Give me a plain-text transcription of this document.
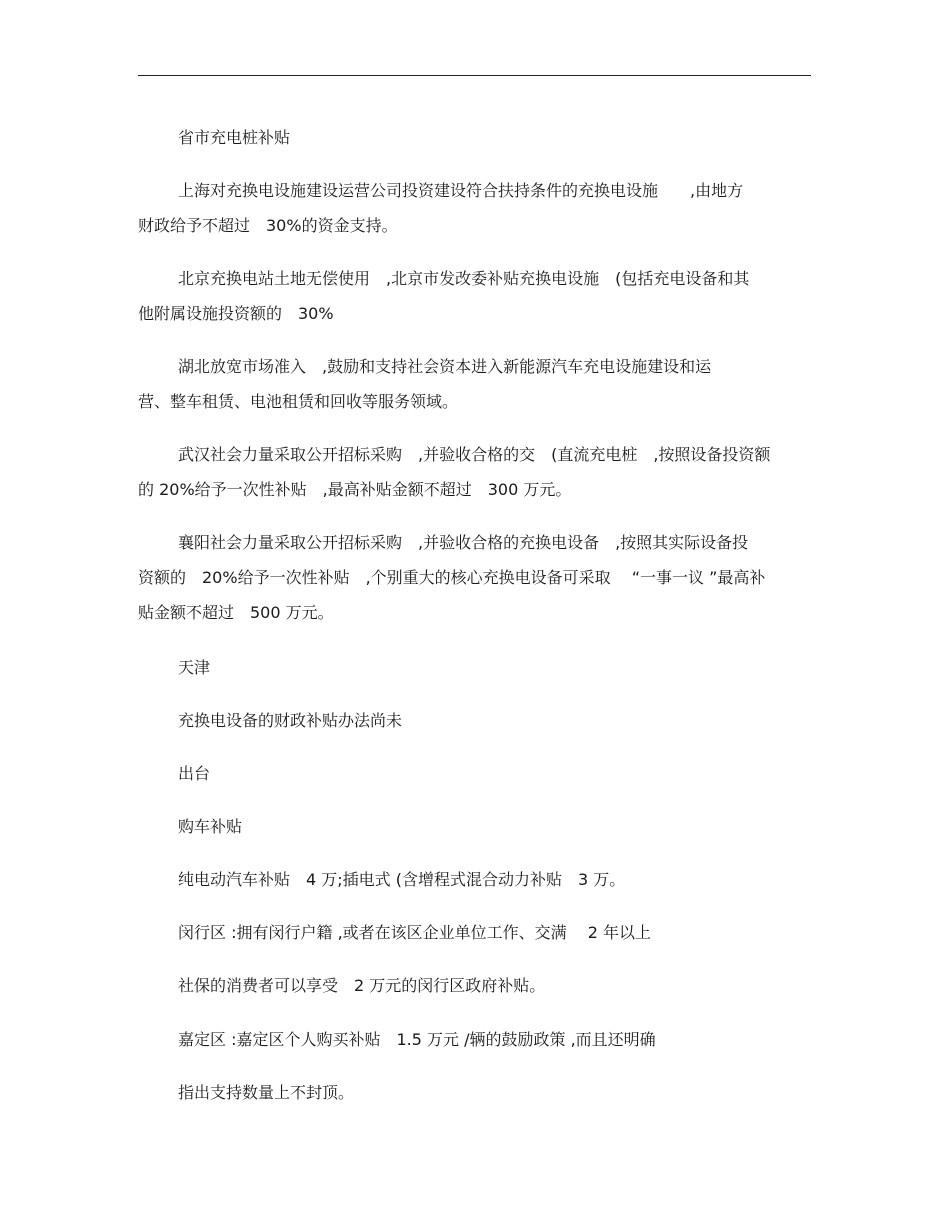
省市充电桩补贴

上海对充换电设施建设运营公司投资建设符合扶持条件的充换电设施　　,由地方
财政给予不超过　30%的资金支持。

北京充换电站土地无偿使用　,北京市发改委补贴充换电设施　(包括充电设备和其
他附属设施投资额的　30%

湖北放宽市场准入　,鼓励和支持社会资本进入新能源汽车充电设施建设和运
营、整车租赁、电池租赁和回收等服务领域。

武汉社会力量采取公开招标采购　,并验收合格的交　(直流充电桩　,按照设备投资额
的 20%给予一次性补贴　,最高补贴金额不超过　300 万元。

襄阳社会力量采取公开招标采购　,并验收合格的充换电设备　,按照其实际设备投
资额的　20%给予一次性补贴　,个别重大的核心充换电设备可采取　 “一事一议 ”最高补
贴金额不超过　500 万元。

天津

充换电设备的财政补贴办法尚未

出台

购车补贴

纯电动汽车补贴　4 万;插电式 (含增程式混合动力补贴　3 万。

闵行区 :拥有闵行户籍 ,或者在该区企业单位工作、交满　 2 年以上

社保的消费者可以享受　2 万元的闵行区政府补贴。

嘉定区 :嘉定区个人购买补贴　1.5 万元 /辆的鼓励政策 ,而且还明确

指出支持数量上不封顶。
